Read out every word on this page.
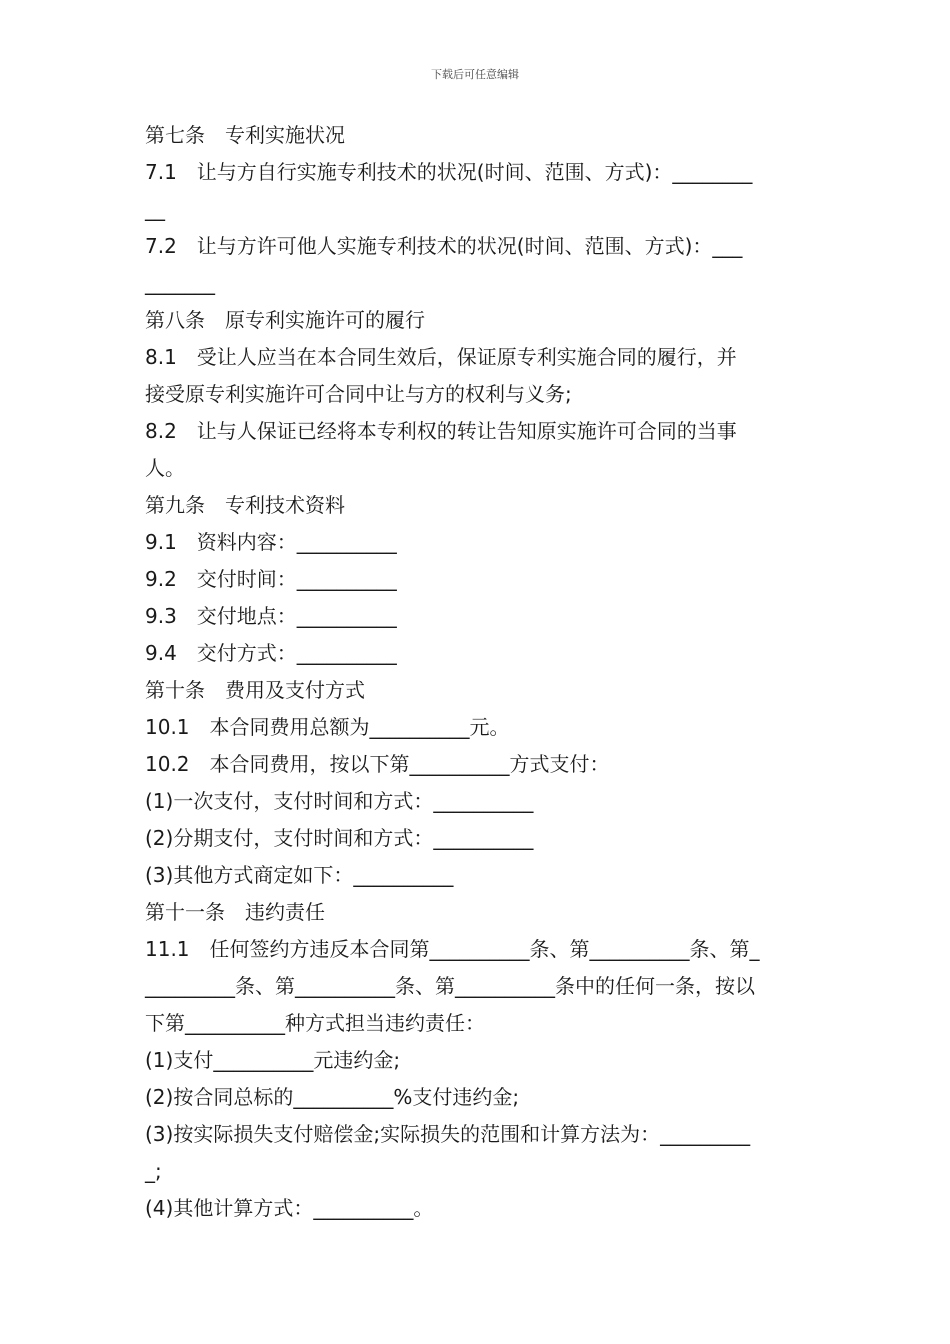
下载后可任意编辑
第七条　专利实施状况
7.1　让与方自行实施专利技术的状况(时间、范围、方式)：________
__
7.2　让与方许可他人实施专利技术的状况(时间、范围、方式)：___
_______
第八条　原专利实施许可的履行
8.1　受让人应当在本合同生效后，保证原专利实施合同的履行，并
接受原专利实施许可合同中让与方的权利与义务;
8.2　让与人保证已经将本专利权的转让告知原实施许可合同的当事
人。
第九条　专利技术资料
9.1　资料内容：__________
9.2　交付时间：__________
9.3　交付地点：__________
9.4　交付方式：__________
第十条　费用及支付方式
10.1　本合同费用总额为__________元。
10.2　本合同费用，按以下第__________方式支付：
(1)一次支付，支付时间和方式：__________
(2)分期支付，支付时间和方式：__________
(3)其他方式商定如下：__________
第十一条　违约责任
11.1　任何签约方违反本合同第__________条、第__________条、第_
_________条、第__________条、第__________条中的任何一条，按以
下第__________种方式担当违约责任：
(1)支付__________元违约金;
(2)按合同总标的__________%支付违约金;
(3)按实际损失支付赔偿金;实际损失的范围和计算方法为：_________
_;
(4)其他计算方式：__________。
